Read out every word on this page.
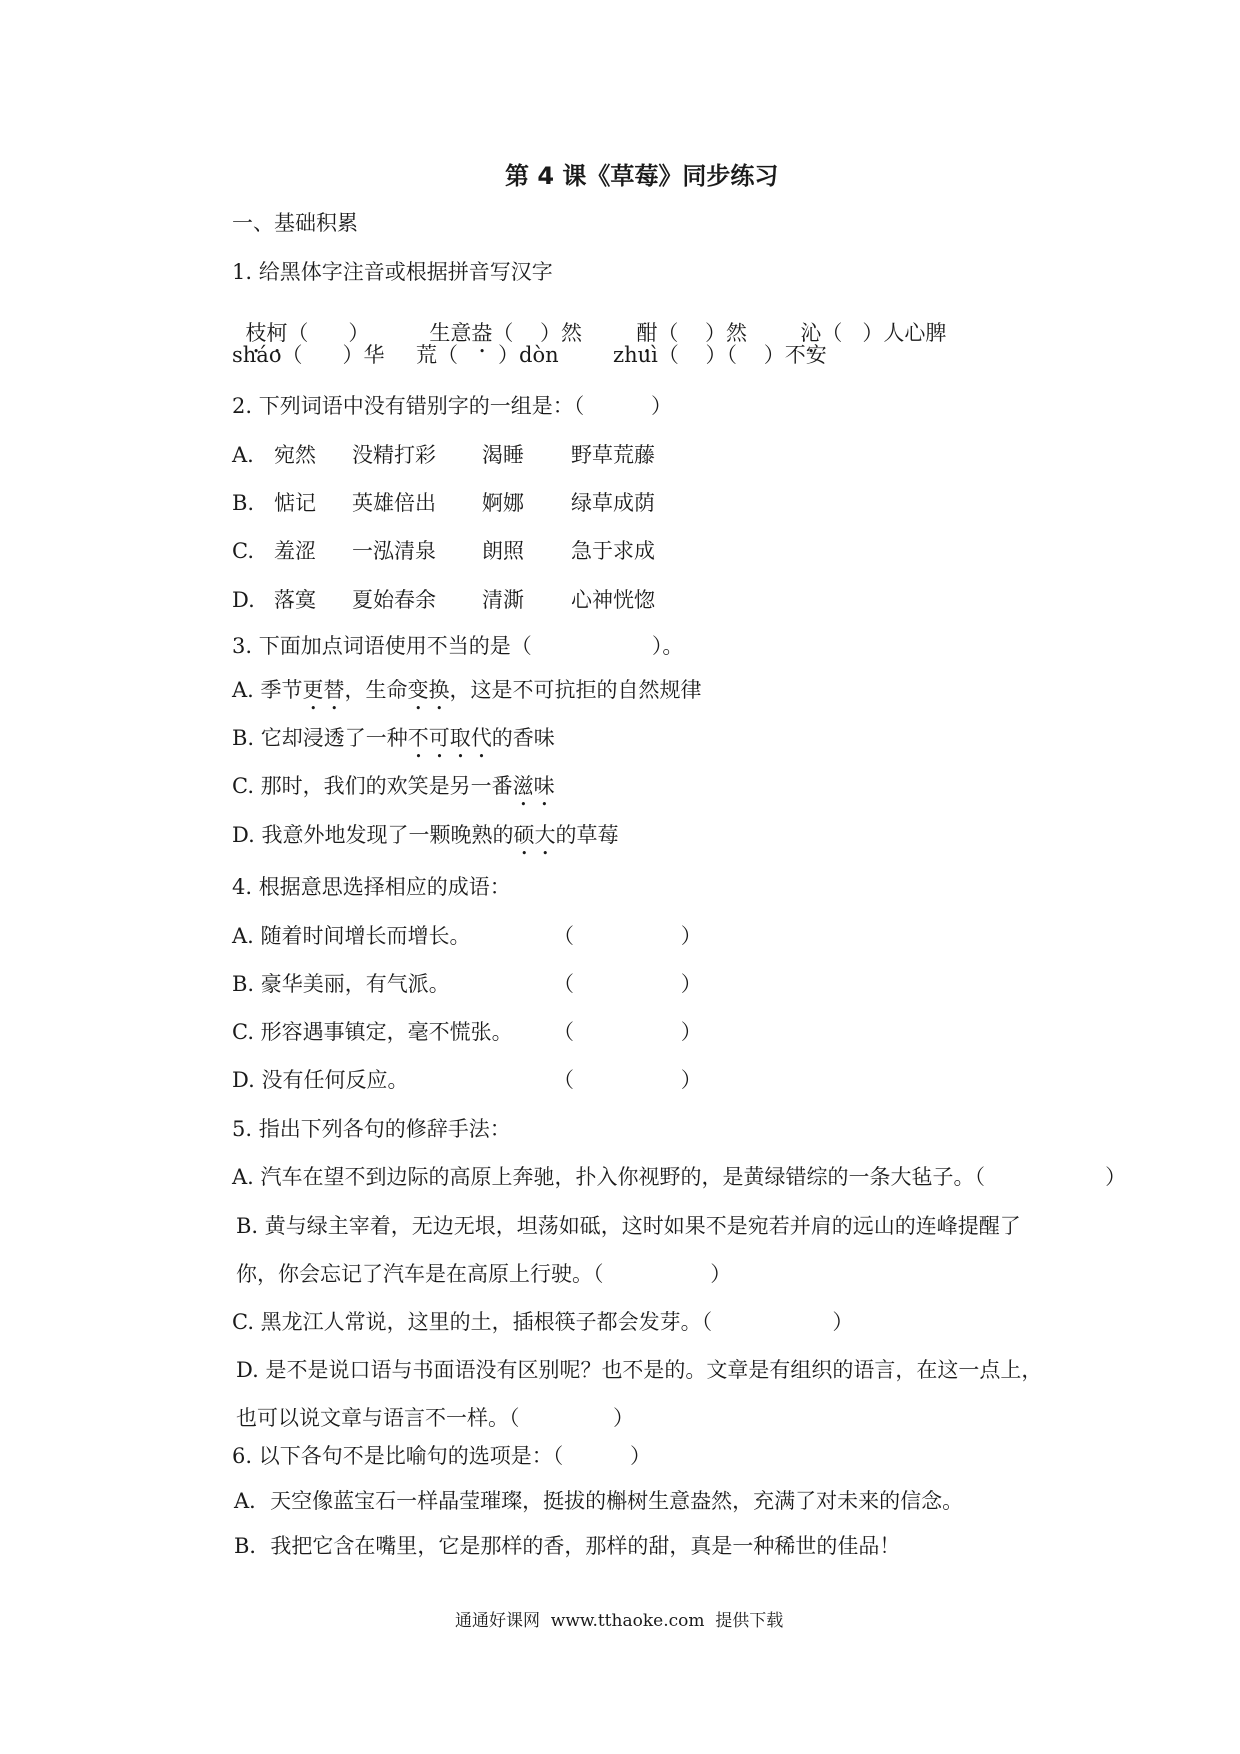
第 4 课《草莓》同步练习
一、基础积累
1. 给黑体字注音或根据拼音写汉字

枝柯（      ）	生意盎（    ）然	酣（    ）然	沁（   ）人心脾

sháo（      ）华 荒（      ）dòn	zhuì（    ）（    ）不安
2. 下列词语中没有错别字的一组是：（          ）
A. 宛然 没精打彩 渴睡 野草荒藤
B. 惦记 英雄倍出 婀娜 绿草成荫
C. 羞涩 一泓清泉 朗照 急于求成
D. 落寞 夏始春余 清澌 心神恍惚
3. 下面加点词语使用不当的是（                  ）。
A. 季节更替，生命变换，这是不可抗拒的自然规律
B. 它却浸透了一种不可取代的香味
C. 那时，我们的欢笑是另一番滋味
D. 我意外地发现了一颗晚熟的硕大的草莓
4. 根据意思选择相应的成语：
A. 随着时间增长而增长。	（                ）
B. 豪华美丽，有气派。	（                ）
C. 形容遇事镇定，毫不慌张。 （                ）
D. 没有任何反应。	（                ）
5. 指出下列各句的修辞手法：
A. 汽车在望不到边际的高原上奔驰，扑入你视野的，是黄绿错综的一条大毡子。（                  ）
B. 黄与绿主宰着，无边无垠，坦荡如砥，这时如果不是宛若并肩的远山的连峰提醒了
你，你会忘记了汽车是在高原上行驶。（                ）
C. 黑龙江人常说，这里的土，插根筷子都会发芽。（                  ）
D. 是不是说口语与书面语没有区别呢？也不是的。文章是有组织的语言，在这一点上，
也可以说文章与语言不一样。（              ）
6. 以下各句不是比喻句的选项是：（          ）
A．天空像蓝宝石一样晶莹璀璨，挺拔的槲树生意盎然，充满了对未来的信念。
B．我把它含在嘴里，它是那样的香，那样的甜，真是一种稀世的佳品！
通通好课网  www.tthaoke.com  提供下载
